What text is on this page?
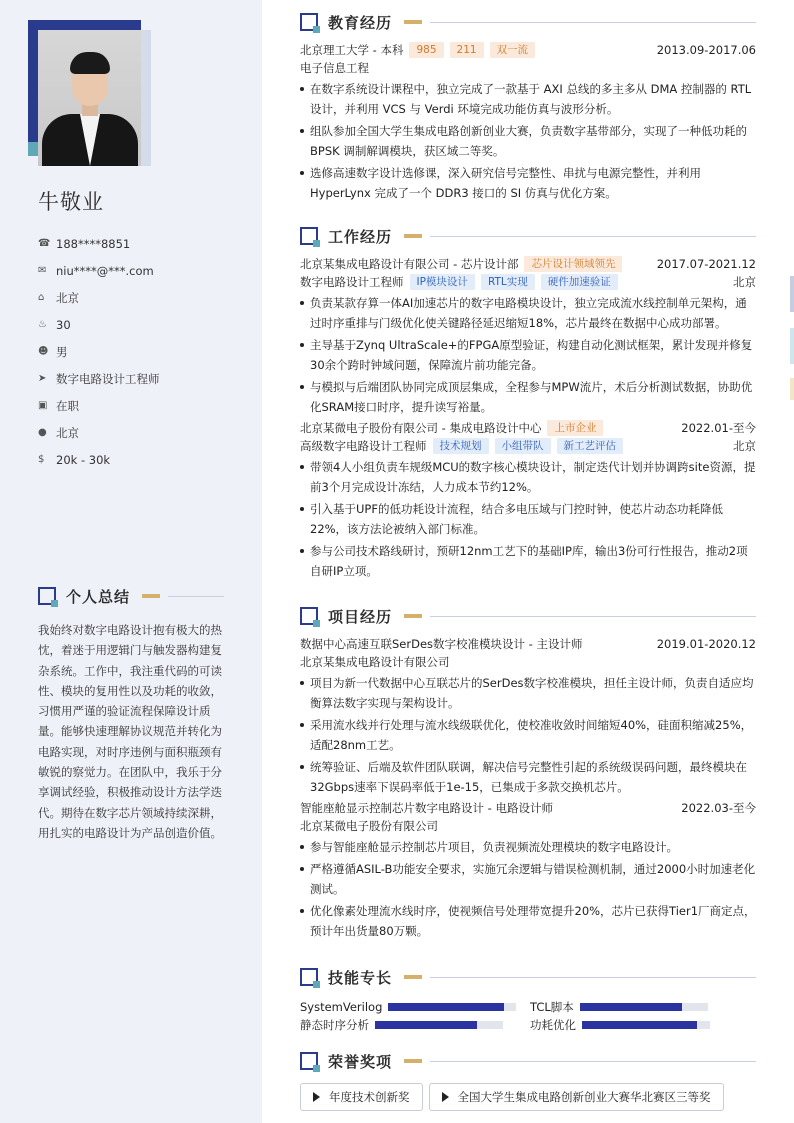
牛敬业
☎ 188****8851
✉ niu****@***.com
⌂	北京
♨ 30
☻ 男
➤ 数字电路设计工程师
▣ 在职
● 北京
$	20k - 30k
个人总结

我始终对数字电路设计抱有极大的热忱，着迷于用逻辑门与触发器构建复杂系统。工作中，我注重代码的可读性、模块的复用性以及功耗的收敛，习惯用严谨的验证流程保障设计质量。能够快速理解协议规范并转化为电路实现，对时序违例与面积瓶颈有敏锐的察觉力。在团队中，我乐于分享调试经验，积极推动设计方法学迭代。期待在数字芯片领域持续深耕，用扎实的电路设计为产品创造价值。

教育经历
北京理工大学 - 本科	985	211	双一流	2013.09-2017.06
电子信息工程
在数字系统设计课程中，独立完成了一款基于 AXI 总线的多主多从 DMA 控制器的 RTL 设计，并利用 VCS 与 Verdi 环境完成功能仿真与波形分析。
组队参加全国大学生集成电路创新创业大赛，负责数字基带部分，实现了一种低功耗的 BPSK 调制解调模块，获区域二等奖。
选修高速数字设计选修课，深入研究信号完整性、串扰与电源完整性，并利用 HyperLynx 完成了一个 DDR3 接口的 SI 仿真与优化方案。
工作经历
北京某集成电路设计有限公司 - 芯片设计部	芯片设计领域领先	2017.07-2021.12
数字电路设计工程师	IP模块设计	RTL实现	硬件加速验证	北京
负责某款存算一体AI加速芯片的数字电路模块设计，独立完成流水线控制单元架构，通过时序重排与门级优化使关键路径延迟缩短18%，芯片最终在数据中心成功部署。
主导基于Zynq UltraScale+的FPGA原型验证，构建自动化测试框架，累计发现并修复30余个跨时钟域问题，保障流片前功能完备。
与模拟与后端团队协同完成顶层集成，全程参与MPW流片，术后分析测试数据，协助优化SRAM接口时序，提升读写裕量。
北京某微电子股份有限公司 - 集成电路设计中心	上市企业	2022.01-至今
高级数字电路设计工程师	技术规划	小组带队	新工艺评估	北京
带领4人小组负责车规级MCU的数字核心模块设计，制定迭代计划并协调跨site资源，提前3个月完成设计冻结，人力成本节约12%。
引入基于UPF的低功耗设计流程，结合多电压域与门控时钟，使芯片动态功耗降低22%，该方法论被纳入部门标准。
参与公司技术路线研讨，预研12nm工艺下的基础IP库，输出3份可行性报告，推动2项自研IP立项。
项目经历
数据中心高速互联SerDes数字校准模块设计 - 主设计师	2019.01-2020.12
北京某集成电路设计有限公司
项目为新一代数据中心互联芯片的SerDes数字校准模块，担任主设计师，负责自适应均衡算法数字实现与架构设计。
采用流水线并行处理与流水线级联优化，使校准收敛时间缩短40%，硅面积缩减25%，适配28nm工艺。
统筹验证、后端及软件团队联调，解决信号完整性引起的系统级误码问题，最终模块在32Gbps速率下误码率低于1e-15，已集成于多款交换机芯片。
智能座舱显示控制芯片数字电路设计 - 电路设计师	2022.03-至今
北京某微电子股份有限公司
参与智能座舱显示控制芯片项目，负责视频流处理模块的数字电路设计。
严格遵循ASIL-B功能安全要求，实施冗余逻辑与错误检测机制，通过2000小时加速老化测试。
优化像素处理流水线时序，使视频信号处理带宽提升20%，芯片已获得Tier1厂商定点，预计年出货量80万颗。
技能专长
SystemVerilog	TCL脚本
静态时序分析	功耗优化
荣誉奖项
年度技术创新奖	全国大学生集成电路创新创业大赛华北赛区三等奖
